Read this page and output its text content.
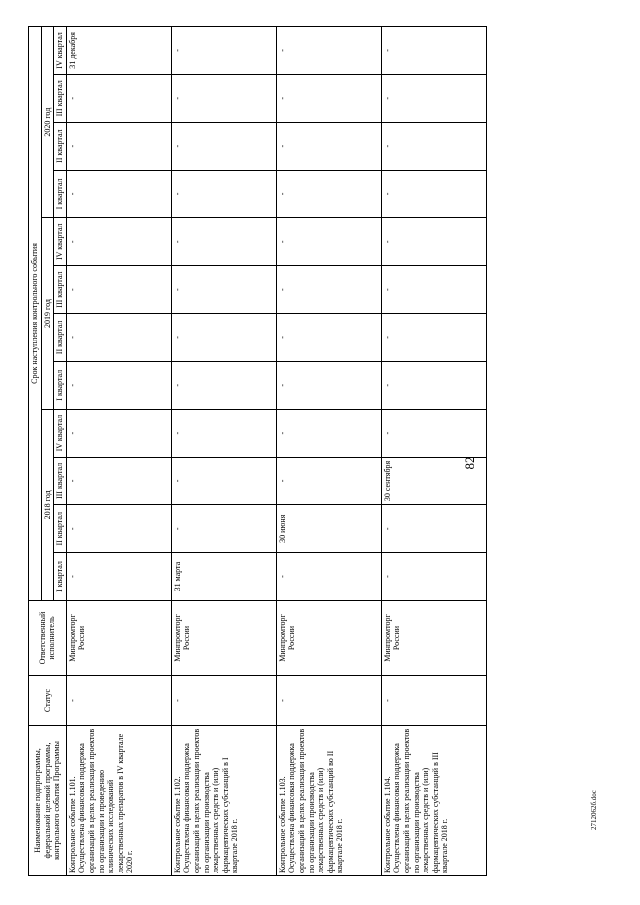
82
Наименование подпрограммы, федеральной целевой программы, контрольного события Программы	Статус	Ответственный исполнитель	Срок наступления контрольного события											
			2018 год				2019 год				2020 год			
			I квартал	II квартал	III квартал	IV квартал	I квартал	II квартал	III квартал	IV квартал	I квартал	II квартал	III квартал	IV квартал
Контрольное событие 1.101. Осуществлена финансовая поддержка организаций в целях реализации проектов по организации и проведению клинических исследований лекарственных препаратов в IV квартале 2020 г.	-	Минпромторг России	-	-	-	-	-	-	-	-	-	-	-	31 декабря
Контрольное событие 1.102. Осуществлена финансовая поддержка организаций в целях реализации проектов по организации производства лекарственных средств и (или) фармацевтических субстанций в I квартале 2018 г.	-	Минпромторг России	31 марта	-	-	-	-	-	-	-	-	-	-	-
Контрольное событие 1.103. Осуществлена финансовая поддержка организаций в целях реализации проектов по организации производства лекарственных средств и (или) фармацевтических субстанций во II квартале 2018 г.	-	Минпромторг России	-	30 июня	-	-	-	-	-	-	-	-	-	-
Контрольное событие 1.104. Осуществлена финансовая поддержка организаций в целях реализации проектов по организации производства лекарственных средств и (или) фармацевтических субстанций в III квартале 2018 г.	-	Минпромторг России	-	-	30 сентября	-	-	-	-	-	-	-	-	-
2712062б.doc
